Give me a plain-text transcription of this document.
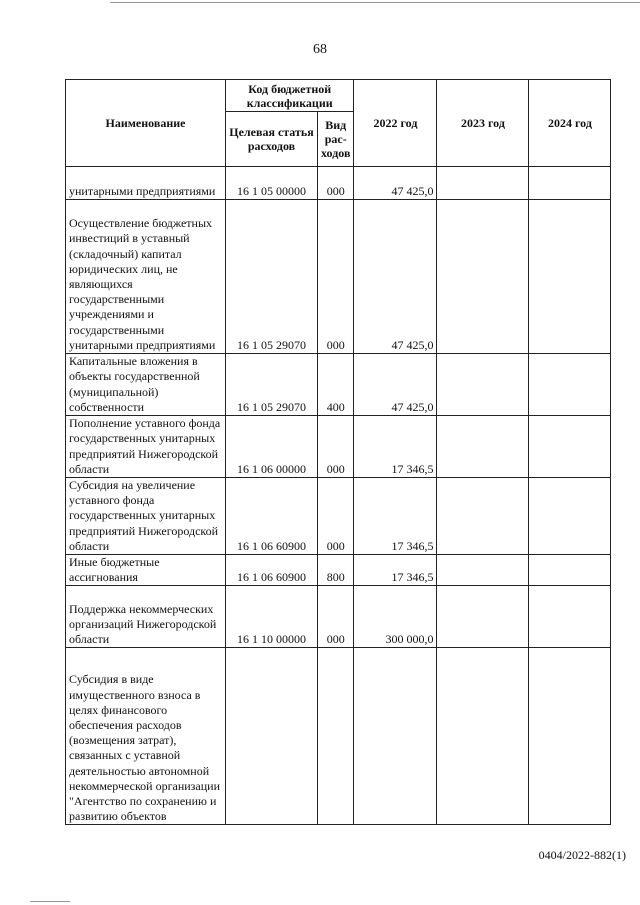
68
Наименование	Код бюджетной классификации		2022 год	2023 год	2024 год
	Целевая статья расходов	Вид рас-ходов			
унитарными предприятиями	16 1 05 00000	000	47 425,0		
Осуществление бюджетных инвестиций в уставный (складочный) капитал юридических лиц, не являющихся государственными учреждениями и государственными унитарными предприятиями	16 1 05 29070	000	47 425,0		
Капитальные вложения в объекты государственной (муниципальной) собственности	16 1 05 29070	400	47 425,0		
Пополнение уставного фонда государственных унитарных предприятий Нижегородской области	16 1 06 00000	000	17 346,5		
Субсидия на увеличение уставного фонда государственных унитарных предприятий Нижегородской области	16 1 06 60900	000	17 346,5		
Иные бюджетные ассигнования	16 1 06 60900	800	17 346,5		
Поддержка некоммерческих организаций Нижегородской области	16 1 10 00000	000	300 000,0		
Субсидия в виде имущественного взноса в целях финансового обеспечения расходов (возмещения затрат), связанных с уставной деятельностью автономной некоммерческой организации "Агентство по сохранению и развитию объектов					
0404/2022-882(1)
